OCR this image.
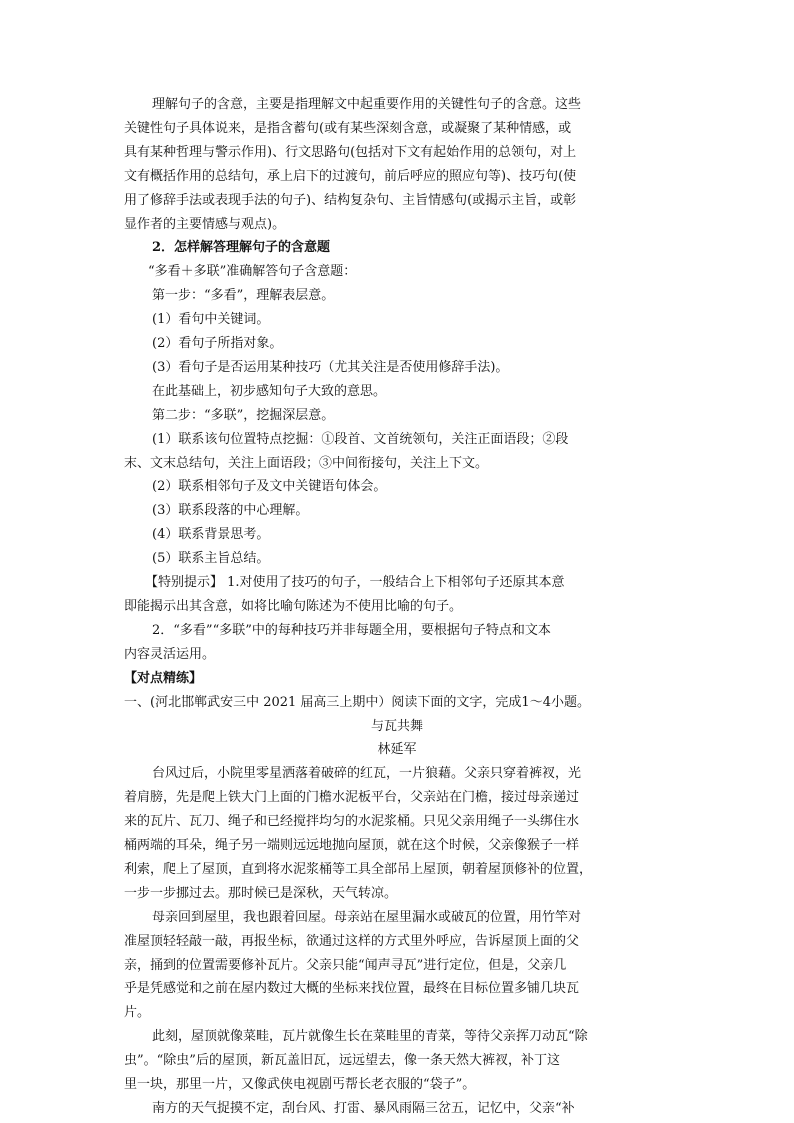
理解句子的含意，主要是指理解文中起重要作用的关键性句子的含意。这些
关键性句子具体说来，是指含蓄句(或有某些深刻含意，或凝聚了某种情感，或
具有某种哲理与警示作用)、行文思路句(包括对下文有起始作用的总领句，对上
文有概括作用的总结句，承上启下的过渡句，前后呼应的照应句等)、技巧句(使
用了修辞手法或表现手法的句子)、结构复杂句、主旨情感句(或揭示主旨，或彰
显作者的主要情感与观点)。
2．怎样解答理解句子的含意题
“多看＋多联”准确解答句子含意题：
第一步：“多看”，理解表层意。
(1）看句中关键词。
(2）看句子所指对象。
(3）看句子是否运用某种技巧（尤其关注是否使用修辞手法)。
在此基础上，初步感知句子大致的意思。
第二步：“多联”，挖掘深层意。
(1）联系该句位置特点挖掘：①段首、文首统领句，关注正面语段；②段
末、文末总结句，关注上面语段；③中间衔接句，关注上下文。
(2）联系相邻句子及文中关键语句体会。
(3）联系段落的中心理解。
(4）联系背景思考。
(5）联系主旨总结。
【特别提示】 1.对使用了技巧的句子，一般结合上下相邻句子还原其本意
即能揭示出其含意，如将比喻句陈述为不使用比喻的句子。
2．“多看”“多联”中的每种技巧并非每题全用，要根据句子特点和文本
内容灵活运用。
【对点精练】
一、(河北邯郸武安三中 2021 届高三上期中）阅读下面的文字，完成1～4小题。
与瓦共舞
林延军
台风过后，小院里零星洒落着破碎的红瓦，一片狼藉。父亲只穿着裤衩，光
着肩膀，先是爬上铁大门上面的门檐水泥板平台，父亲站在门檐，接过母亲递过
来的瓦片、瓦刀、绳子和已经搅拌均匀的水泥浆桶。只见父亲用绳子一头绑住水
桶两端的耳朵，绳子另一端则远远地抛向屋顶，就在这个时候，父亲像猴子一样
利索，爬上了屋顶，直到将水泥浆桶等工具全部吊上屋顶，朝着屋顶修补的位置，
一步一步挪过去。那时候已是深秋，天气转凉。
母亲回到屋里，我也跟着回屋。母亲站在屋里漏水或破瓦的位置，用竹竿对
准屋顶轻轻敲一敲，再报坐标，欲通过这样的方式里外呼应，告诉屋顶上面的父
亲，捅到的位置需要修补瓦片。父亲只能“闻声寻瓦”进行定位，但是，父亲几
乎是凭感觉和之前在屋内数过大概的坐标来找位置，最终在目标位置多铺几块瓦
片。
此刻，屋顶就像菜畦，瓦片就像生长在菜畦里的青菜，等待父亲挥刀动瓦“除
虫”。“除虫”后的屋顶，新瓦盖旧瓦，远远望去，像一条天然大裤衩，补丁这
里一块，那里一片，又像武侠电视剧丐帮长老衣服的“袋子”。
南方的天气捉摸不定，刮台风、打雷、暴风雨隔三岔五，记忆中，父亲“补
